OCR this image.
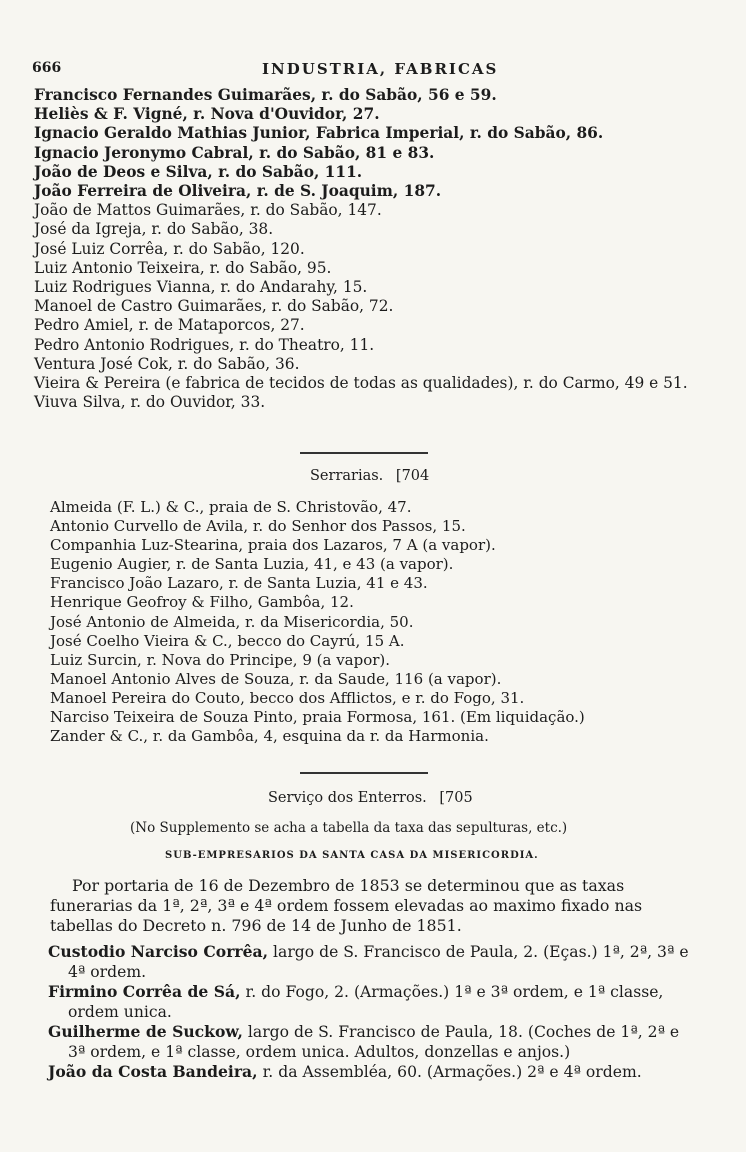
666	INDUSTRIA, FABRICAS
Francisco Fernandes Guimarães, r. do Sabão, 56 e 59.
Heliès & F. Vigné, r. Nova d'Ouvidor, 27.
Ignacio Geraldo Mathias Junior, Fabrica Imperial, r. do Sabão, 86.
Ignacio Jeronymo Cabral, r. do Sabão, 81 e 83.
João de Deos e Silva, r. do Sabão, 111.
João Ferreira de Oliveira, r. de S. Joaquim, 187.
João de Mattos Guimarães, r. do Sabão, 147.
José da Igreja, r. do Sabão, 38.
José Luiz Corrêa, r. do Sabão, 120.
Luiz Antonio Teixeira, r. do Sabão, 95.
Luiz Rodrigues Vianna, r. do Andarahy, 15.
Manoel de Castro Guimarães, r. do Sabão, 72.
Pedro Amiel, r. de Mataporcos, 27.
Pedro Antonio Rodrigues, r. do Theatro, 11.
Ventura José Cok, r. do Sabão, 36.
Vieira & Pereira (e fabrica de tecidos de todas as qualidades), r. do Carmo, 49 e 51.
Viuva Silva, r. do Ouvidor, 33.
Serrarias. [704
Almeida (F. L.) & C., praia de S. Christovão, 47.
Antonio Curvello de Avila, r. do Senhor dos Passos, 15.
Companhia Luz-Stearina, praia dos Lazaros, 7 A (a vapor).
Eugenio Augier, r. de Santa Luzia, 41, e 43 (a vapor).
Francisco João Lazaro, r. de Santa Luzia, 41 e 43.
Henrique Geofroy & Filho, Gambôa, 12.
José Antonio de Almeida, r. da Misericordia, 50.
José Coelho Vieira & C., becco do Cayrú, 15 A.
Luiz Surcin, r. Nova do Principe, 9 (a vapor).
Manoel Antonio Alves de Souza, r. da Saude, 116 (a vapor).
Manoel Pereira do Couto, becco dos Afflictos, e r. do Fogo, 31.
Narciso Teixeira de Souza Pinto, praia Formosa, 161. (Em liquidação.)
Zander & C., r. da Gambôa, 4, esquina da r. da Harmonia.
Serviço dos Enterros. [705
(No Supplemento se acha a tabella da taxa das sepulturas, etc.)
SUB-EMPRESARIOS DA SANTA CASA DA MISERICORDIA.

Por portaria de 16 de Dezembro de 1853 se determinou que as taxas funerarias da 1ª, 2ª, 3ª e 4ª ordem fossem elevadas ao maximo fixado nas tabellas do Decreto n. 796 de 14 de Junho de 1851.

Custodio Narciso Corrêa, largo de S. Francisco de Paula, 2. (Eças.) 1ª, 2ª, 3ª e 4ª ordem.
Firmino Corrêa de Sá, r. do Fogo, 2. (Armações.) 1ª e 3ª ordem, e 1ª classe, ordem unica.
Guilherme de Suckow, largo de S. Francisco de Paula, 18. (Coches de 1ª, 2ª e 3ª ordem, e 1ª classe, ordem unica. Adultos, donzellas e anjos.)
João da Costa Bandeira, r. da Assembléa, 60. (Armações.) 2ª e 4ª ordem.
